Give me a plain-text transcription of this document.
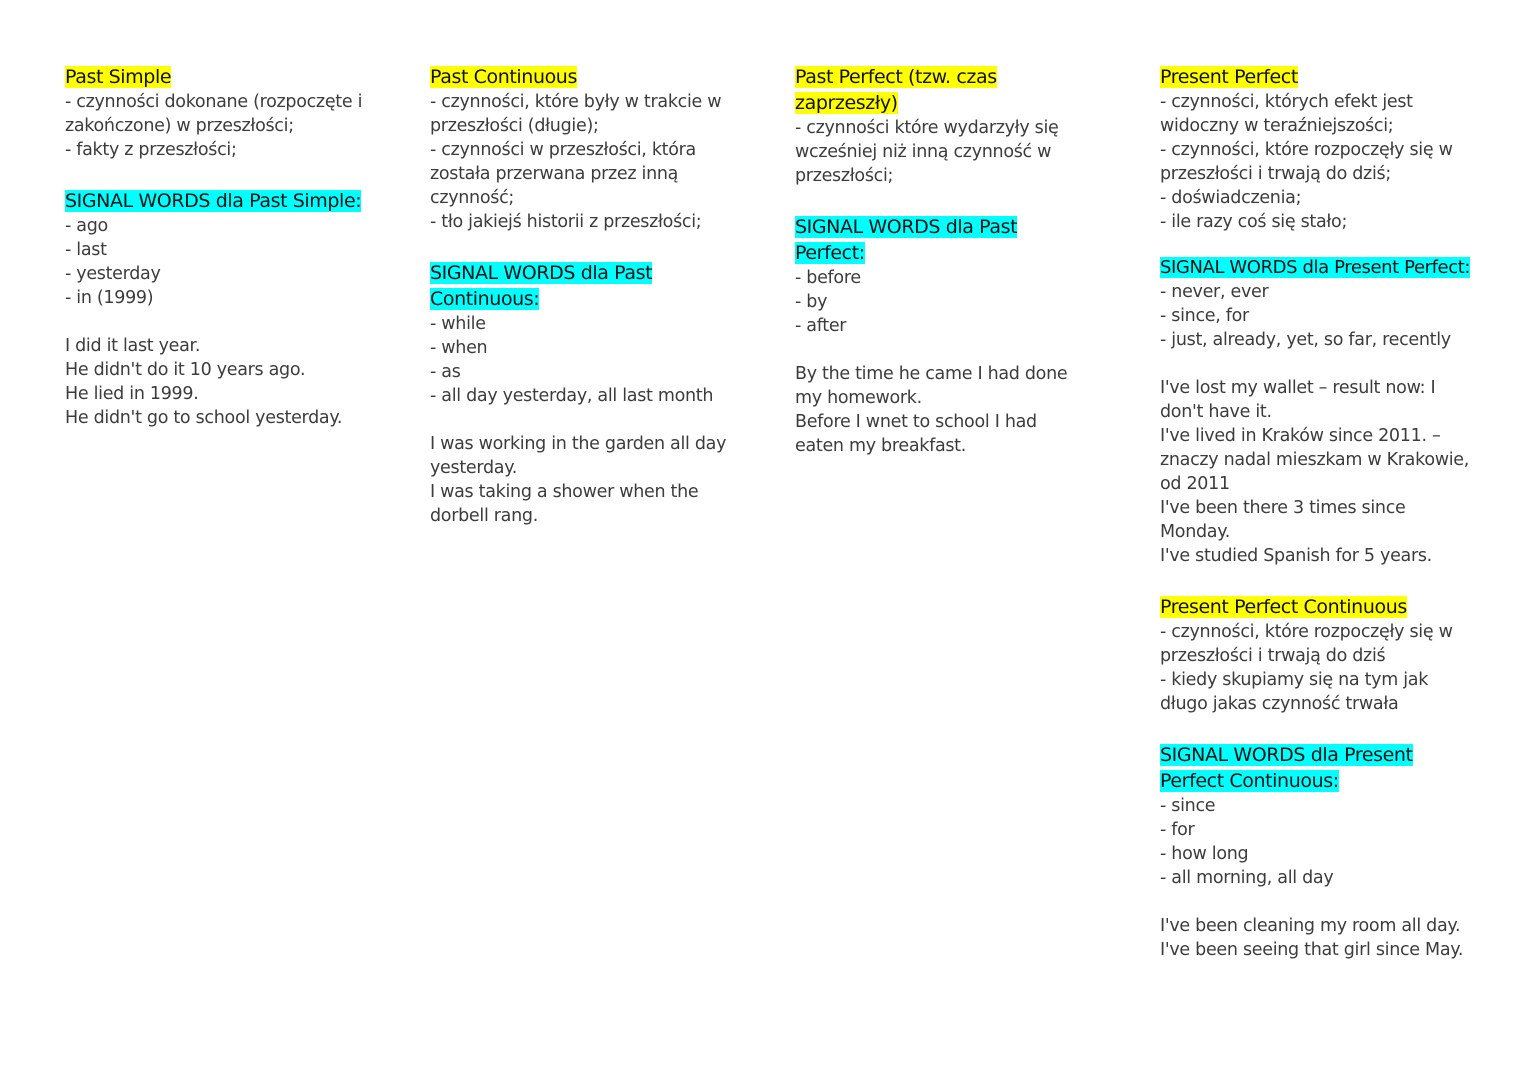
Past Simple

- czynności dokonane (rozpoczęte i zakończone) w przeszłości;

- fakty z przeszłości;

SIGNAL WORDS dla Past Simple:

- ago

- last

- yesterday

- in (1999)

I did it last year.

He didn't do it 10 years ago.

He lied in 1999.

He didn't go to school yesterday.

Past Continuous

- czynności, które były w trakcie w przeszłości (długie);

- czynności w przeszłości, która została przerwana przez inną czynność;

- tło jakiejś historii z przeszłości;

SIGNAL WORDS dla Past Continuous:

- while

- when

- as

- all day yesterday, all last month

I was working in the garden all day yesterday.

I was taking a shower when the dorbell rang.

Past Perfect (tzw. czas zaprzeszły)

- czynności które wydarzyły się wcześniej niż inną czynność w przeszłości;

SIGNAL WORDS dla Past Perfect:

- before

- by

- after

By the time he came I had done my homework.

Before I wnet to school I had eaten my breakfast.

Present Perfect

- czynności, których efekt jest widoczny w teraźniejszości;

- czynności, które rozpoczęły się w przeszłości i trwają do dziś;

- doświadczenia;

- ile razy coś się stało;

SIGNAL WORDS dla Present Perfect:

- never, ever

- since, for

- just, already, yet, so far, recently

I've lost my wallet – result now: I don't have it.

I've lived in Kraków since 2011. – znaczy nadal mieszkam w Krakowie, od 2011

I've been there 3 times since Monday.

I've studied Spanish for 5 years.

Present Perfect Continuous

- czynności, które rozpoczęły się w przeszłości i trwają do dziś

- kiedy skupiamy się na tym jak długo jakas czynność trwała

SIGNAL WORDS dla Present Perfect Continuous:

- since

- for

- how long

- all morning, all day

I've been cleaning my room all day.

I've been seeing that girl since May.
